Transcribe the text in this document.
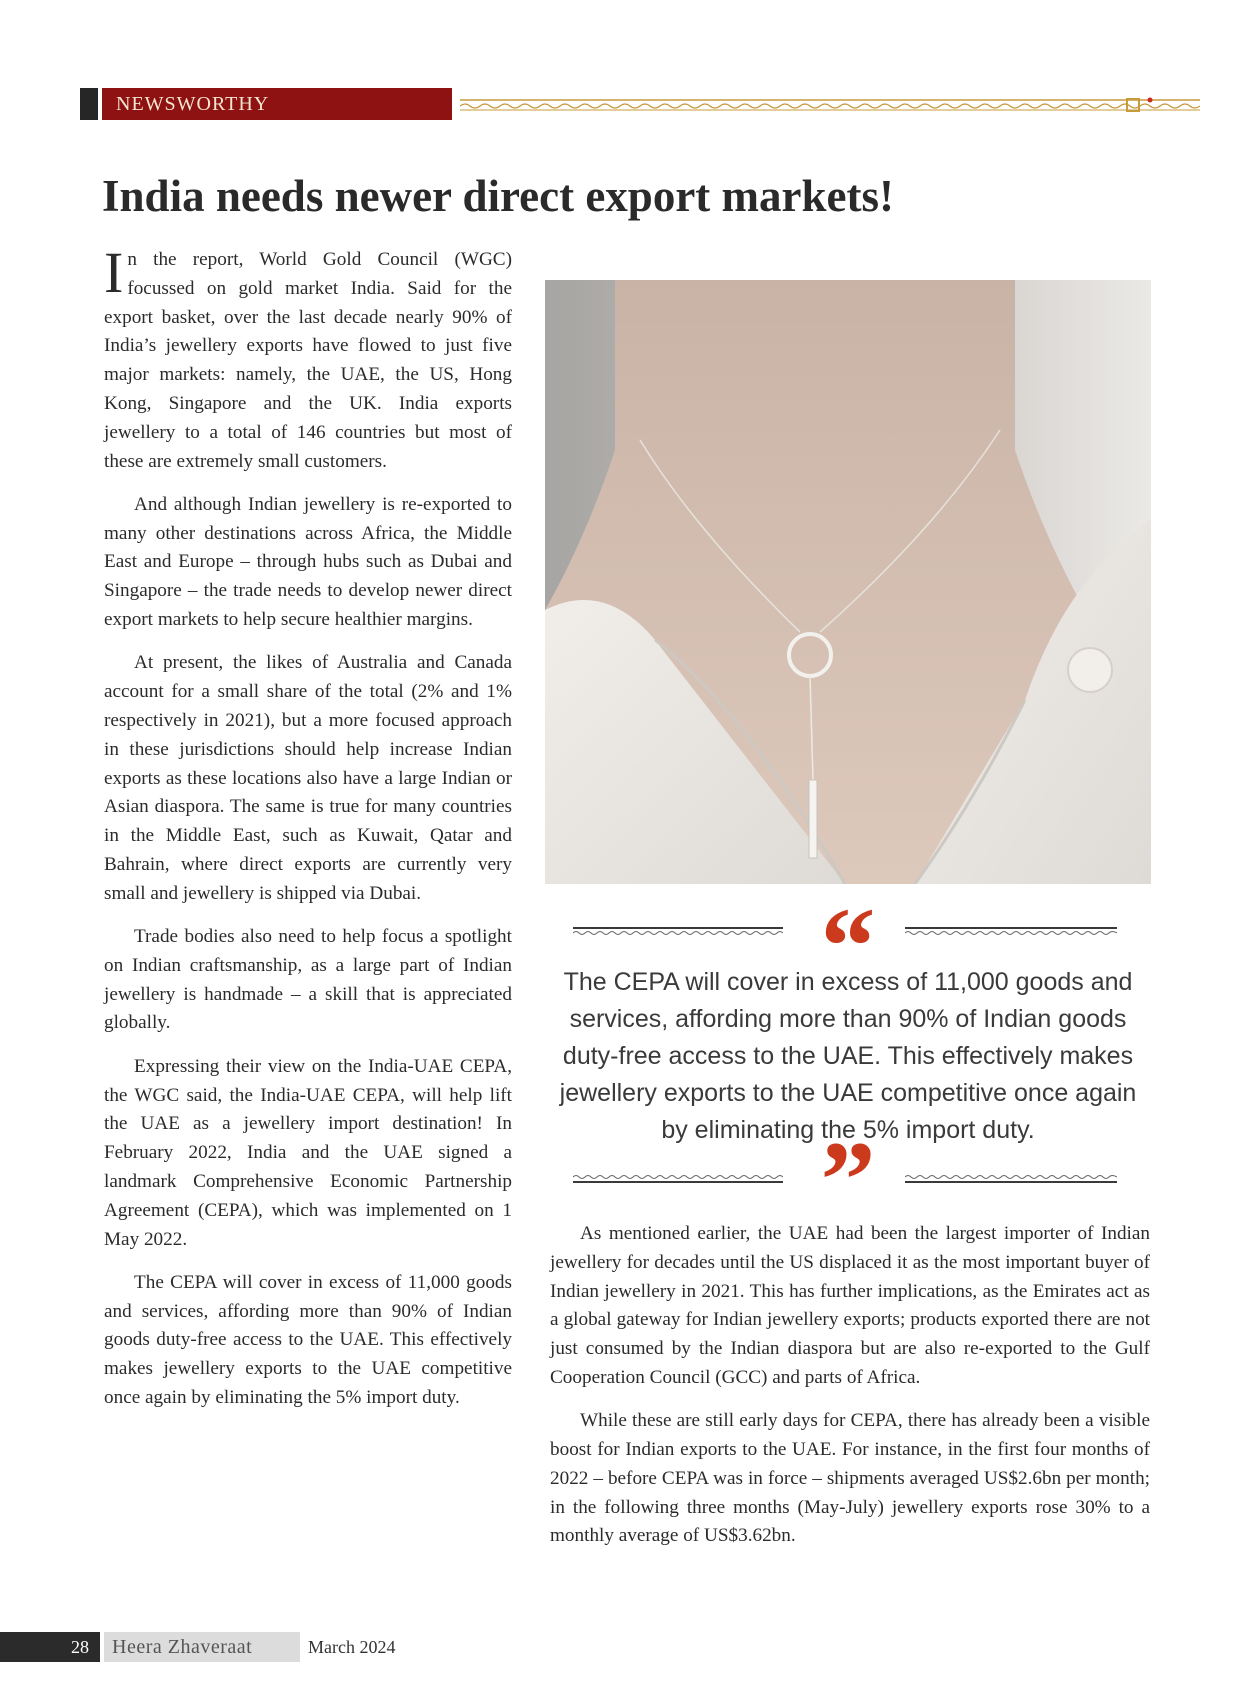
NEWSWORTHY
India needs newer direct export markets!

In the report, World Gold Council (WGC) focussed on gold market India. Said for the export basket, over the last decade nearly 90% of India’s jewellery exports have flowed to just five major markets: namely, the UAE, the US, Hong Kong, Singapore and the UK. India exports jewellery to a total of 146 countries but most of these are extremely small customers.

And although Indian jewellery is re-exported to many other destinations across Africa, the Middle East and Europe – through hubs such as Dubai and Singapore – the trade needs to develop newer direct export markets to help secure healthier margins.

At present, the likes of Australia and Canada account for a small share of the total (2% and 1% respectively in 2021), but a more focused approach in these jurisdictions should help increase Indian exports as these locations also have a large Indian or Asian diaspora. The same is true for many countries in the Middle East, such as Kuwait, Qatar and Bahrain, where direct exports are currently very small and jewellery is shipped via Dubai.

Trade bodies also need to help focus a spotlight on Indian craftsmanship, as a large part of Indian jewellery is handmade – a skill that is appreciated globally.

Expressing their view on the India-UAE CEPA, the WGC said, the India-UAE CEPA, will help lift the UAE as a jewellery import destination! In February 2022, India and the UAE signed a landmark Comprehensive Economic Partnership Agreement (CEPA), which was implemented on 1 May 2022.

The CEPA will cover in excess of 11,000 goods and services, affording more than 90% of Indian goods duty-free access to the UAE. This effectively makes jewellery exports to the UAE competitive once again by eliminating the 5% import duty.

“
The CEPA will cover in excess of 11,000 goods and services, affording more than 90% of Indian goods duty-free access to the UAE. This effectively makes jewellery exports to the UAE competitive once again by eliminating the 5% import duty.
”

As mentioned earlier, the UAE had been the largest importer of Indian jewellery for decades until the US displaced it as the most important buyer of Indian jewellery in 2021. This has further implications, as the Emirates act as a global gateway for Indian jewellery exports; products exported there are not just consumed by the Indian diaspora but are also re-exported to the Gulf Cooperation Council (GCC) and parts of Africa.

While these are still early days for CEPA, there has already been a visible boost for Indian exports to the UAE. For instance, in the first four months of 2022 – before CEPA was in force – shipments averaged US$2.6bn per month; in the following three months (May-July) jewellery exports rose 30% to a monthly average of US$3.62bn.

28	Heera Zhaveraat	March 2024
